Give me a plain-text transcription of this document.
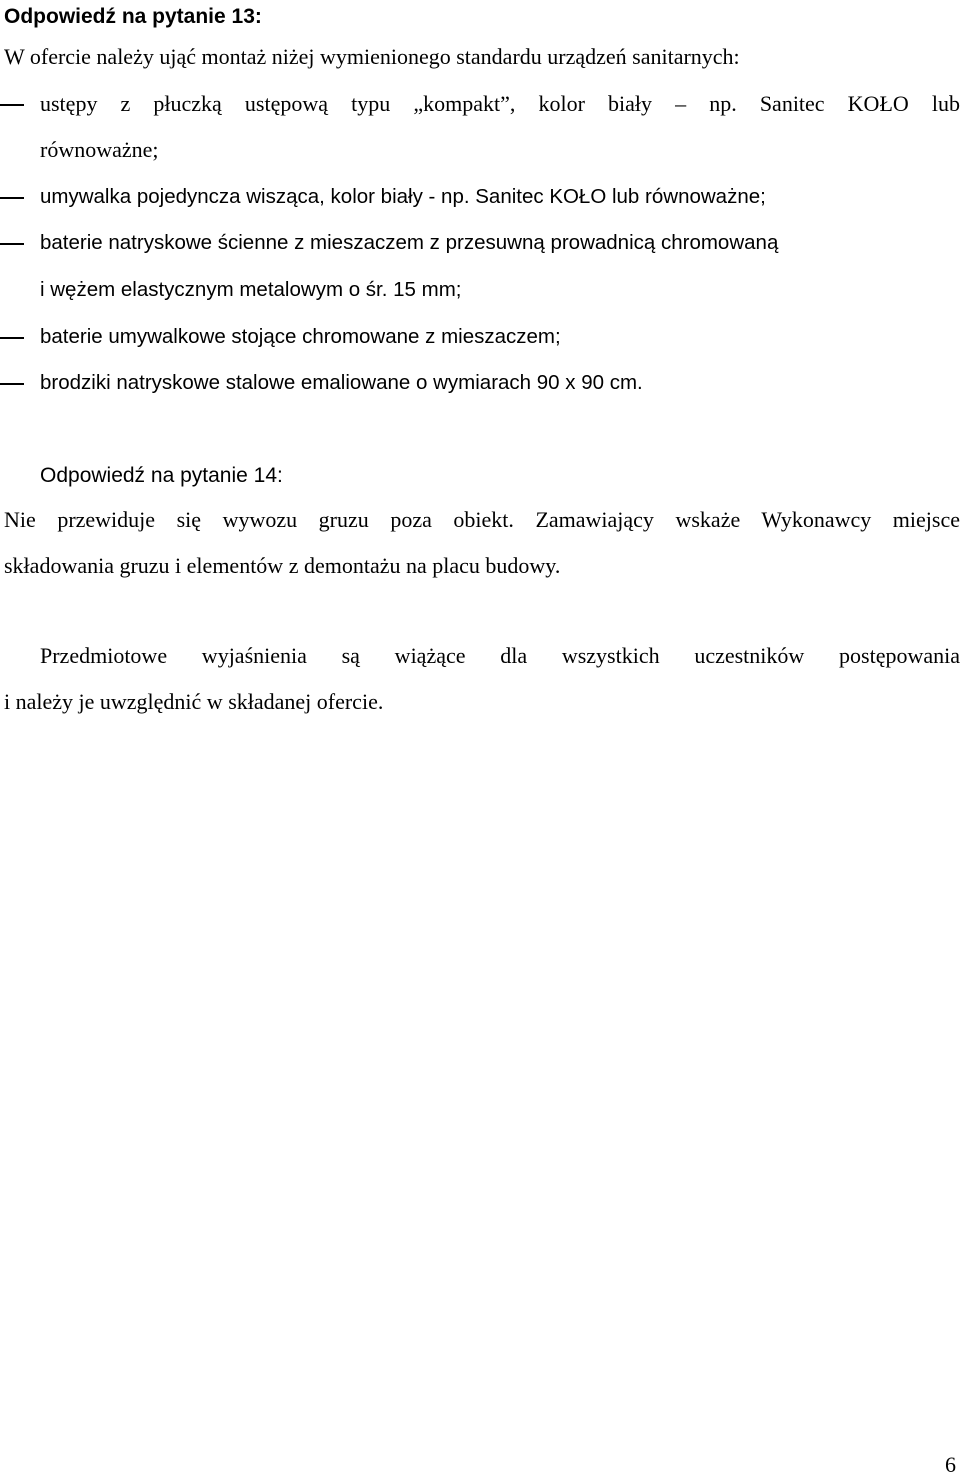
Odpowiedź na pytanie 13:
W ofercie należy ująć montaż niżej wymienionego standardu urządzeń sanitarnych:
ustępy z płuczką ustępową typu „kompakt”, kolor biały – np. Sanitec KOŁO lub
równoważne;
umywalka pojedyncza wisząca, kolor biały - np. Sanitec KOŁO lub równoważne;
baterie natryskowe ścienne z mieszaczem z przesuwną prowadnicą chromowaną
i wężem elastycznym metalowym o śr. 15 mm;
baterie umywalkowe stojące chromowane z mieszaczem;
brodziki natryskowe stalowe emaliowane o wymiarach 90 x 90 cm.
Odpowiedź na pytanie 14:
Nie przewiduje się wywozu gruzu poza obiekt. Zamawiający wskaże Wykonawcy miejsce
składowania gruzu i elementów z demontażu na placu budowy.
Przedmiotowe wyjaśnienia są wiążące dla wszystkich uczestników postępowania
i należy je uwzględnić w składanej ofercie.
6
